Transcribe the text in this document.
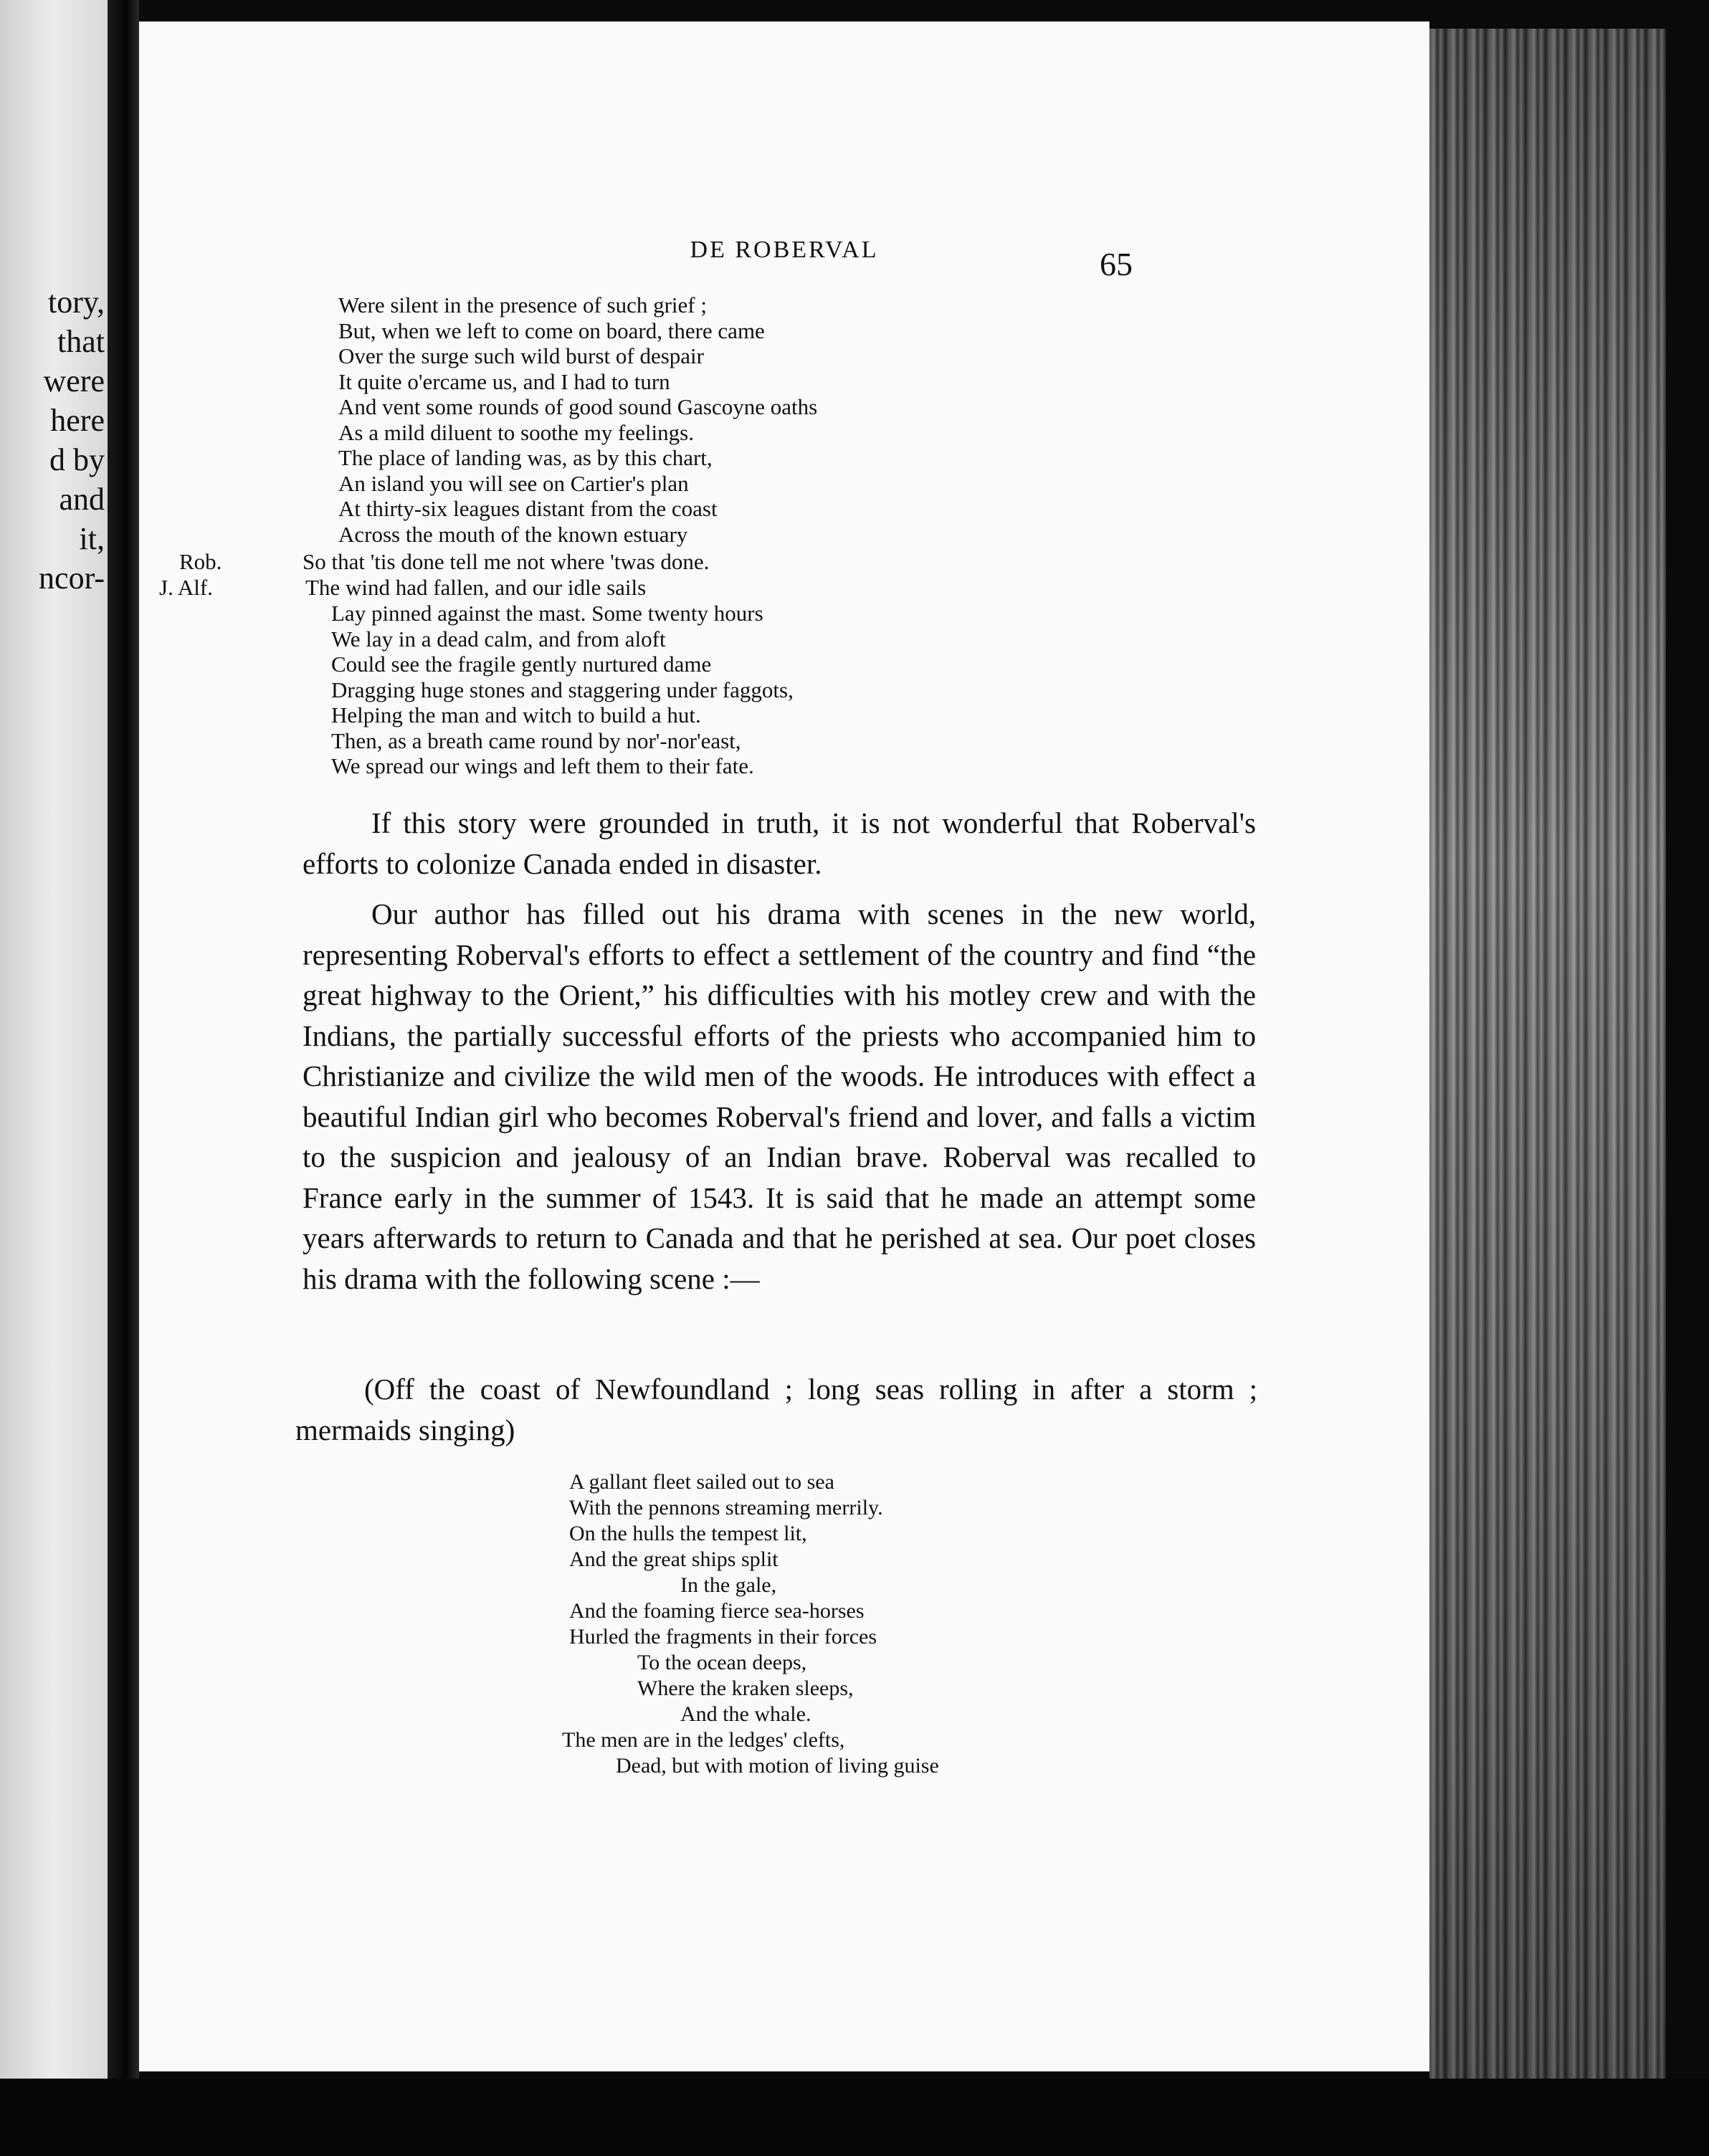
tory,
that
were
here
d by
and
it,
ncor-
DE ROBERVAL	65
Were silent in the presence of such grief ;
But, when we left to come on board, there came
Over the surge such wild burst of despair
It quite o'ercame us, and I had to turn
And vent some rounds of good sound Gascoyne oaths
As a mild diluent to soothe my feelings.
The place of landing was, as by this chart,
An island you will see on Cartier's plan
At thirty-six leagues distant from the coast
Across the mouth of the known estuary
Rob.	So that 'tis done tell me not where 'twas done.
J. Alf.	The wind had fallen, and our idle sails
Lay pinned against the mast. Some twenty hours
We lay in a dead calm, and from aloft
Could see the fragile gently nurtured dame
Dragging huge stones and staggering under faggots,
Helping the man and witch to build a hut.
Then, as a breath came round by nor'-nor'east,
We spread our wings and left them to their fate.

If this story were grounded in truth, it is not wonderful that Roberval's efforts to colonize Canada ended in disaster.

Our author has filled out his drama with scenes in the new world, representing Roberval's efforts to effect a settlement of the country and find “the great highway to the Orient,” his difficulties with his motley crew and with the Indians, the partially successful efforts of the priests who accompanied him to Christianize and civilize the wild men of the woods. He introduces with effect a beautiful Indian girl who becomes Roberval's friend and lover, and falls a victim to the suspicion and jealousy of an Indian brave. Roberval was recalled to France early in the summer of 1543. It is said that he made an attempt some years afterwards to return to Canada and that he perished at sea. Our poet closes his drama with the following scene :—

(Off the coast of Newfoundland ; long seas rolling in after a storm ; mermaids singing)

A gallant fleet sailed out to sea
With the pennons streaming merrily.
On the hulls the tempest lit,
And the great ships split
In the gale,
And the foaming fierce sea-horses
Hurled the fragments in their forces
To the ocean deeps,
Where the kraken sleeps,
And the whale.
The men are in the ledges' clefts,
Dead, but with motion of living guise
